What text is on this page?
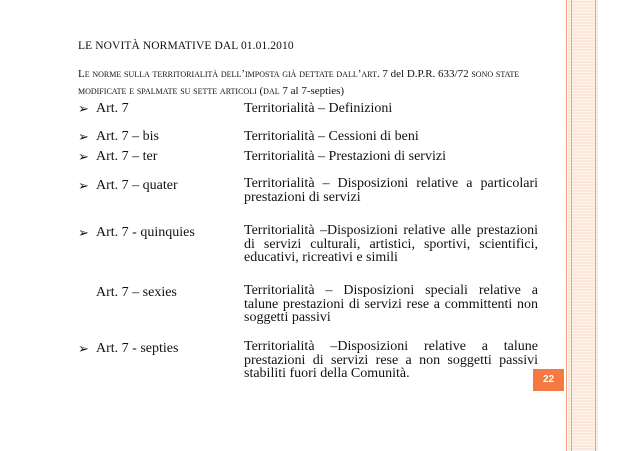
LE NOVITÀ NORMATIVE DAL 01.01.2010
Le norme sulla territorialità dell’imposta già dettate dall’art. 7 del D.P.R. 633/72 sono state modificate e spalmate su sette articoli (dal 7 al 7-septies)
➢ Art. 7	Territorialità – Definizioni
➢ Art. 7 – bis	Territorialità – Cessioni di beni
➢ Art. 7 – ter	Territorialità – Prestazioni di servizi
➢ Art. 7 – quater	Territorialità – Disposizioni relative a particolari prestazioni di servizi
➢ Art. 7 - quinquies	Territorialità –Disposizioni relative alle prestazioni di servizi culturali, artistici, sportivi, scientifici, educativi, ricreativi e simili
Art. 7 – sexies	Territorialità – Disposizioni speciali relative a talune prestazioni di servizi rese a committenti non soggetti passivi
➢ Art. 7 - septies	Territorialità –Disposizioni relative a talune prestazioni di servizi rese a non soggetti passivi stabiliti fuori della Comunità.	22
